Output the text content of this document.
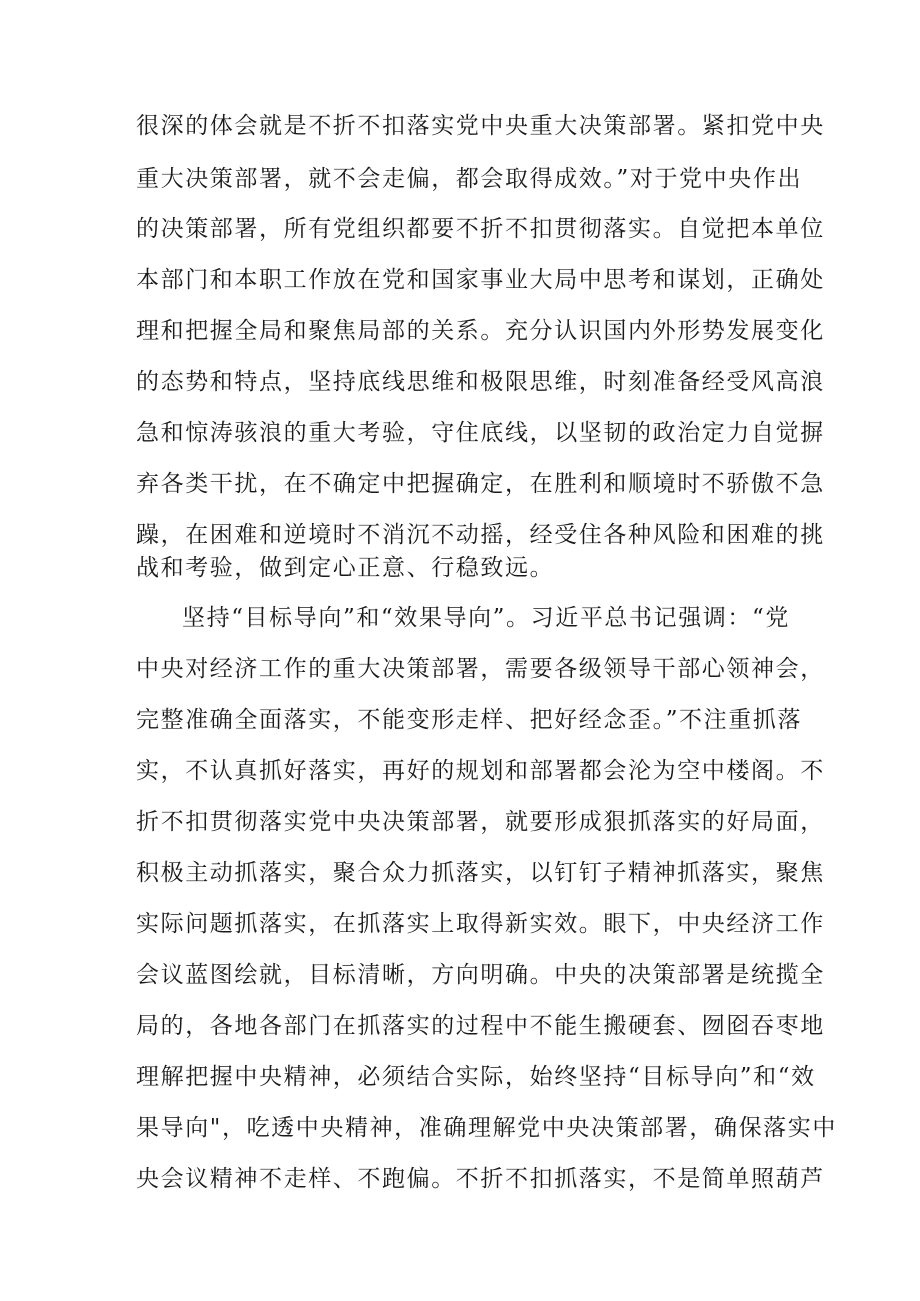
很深的体会就是不折不扣落实党中央重大决策部署。紧扣党中央
重大决策部署，就不会走偏，都会取得成效。”对于党中央作出
的决策部署，所有党组织都要不折不扣贯彻落实。自觉把本单位
本部门和本职工作放在党和国家事业大局中思考和谋划，正确处
理和把握全局和聚焦局部的关系。充分认识国内外形势发展变化
的态势和特点，坚持底线思维和极限思维，时刻准备经受风高浪
急和惊涛骇浪的重大考验，守住底线，以坚韧的政治定力自觉摒
弃各类干扰，在不确定中把握确定，在胜利和顺境时不骄傲不急
躁，在困难和逆境时不消沉不动摇，经受住各种风险和困难的挑
战和考验，做到定心正意、行稳致远。
坚持“目标导向”和“效果导向”。习近平总书记强调：“党
中央对经济工作的重大决策部署，需要各级领导干部心领神会，
完整准确全面落实，不能变形走样、把好经念歪。”不注重抓落
实，不认真抓好落实，再好的规划和部署都会沦为空中楼阁。不
折不扣贯彻落实党中央决策部署，就要形成狠抓落实的好局面，
积极主动抓落实，聚合众力抓落实，以钉钉子精神抓落实，聚焦
实际问题抓落实，在抓落实上取得新实效。眼下，中央经济工作
会议蓝图绘就，目标清晰，方向明确。中央的决策部署是统揽全
局的，各地各部门在抓落实的过程中不能生搬硬套、囫囵吞枣地
理解把握中央精神，必须结合实际，始终坚持“目标导向”和“效
果导向"，吃透中央精神，准确理解党中央决策部署，确保落实中
央会议精神不走样、不跑偏。不折不扣抓落实，不是简单照葫芦
